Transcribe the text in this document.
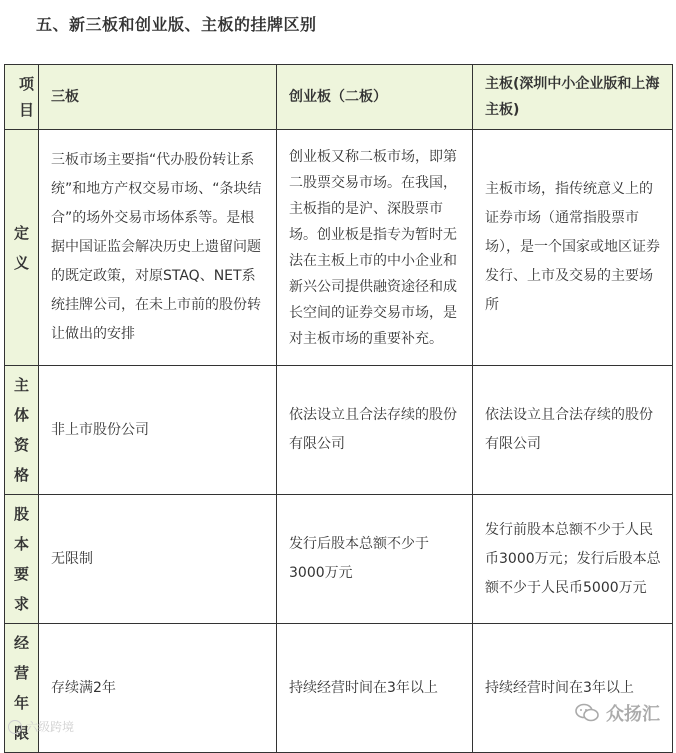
五、新三板和创业版、主板的挂牌区别
项目	三板	创业板（二板）	主板(深圳中小企业版和上海主板)

定义	三板市场主要指“代办股份转让系统”和地方产权交易市场、“条块结合”的场外交易市场体系等。是根据中国证监会解决历史上遗留问题的既定政策，对原STAQ、NET系统挂牌公司，在未上市前的股份转让做出的安排	创业板又称二板市场，即第二股票交易市场。在我国，主板指的是沪、深股票市场。创业板是指专为暂时无法在主板上市的中小企业和新兴公司提供融资途径和成长空间的证券交易市场，是对主板市场的重要补充。	主板市场，指传统意义上的证券市场（通常指股票市场），是一个国家或地区证券发行、上市及交易的主要场所

主体资格	非上市股份公司	依法设立且合法存续的股份有限公司	依法设立且合法存续的股份有限公司

股本要求	无限制	发行后股本总额不少于3000万元	发行前股本总额不少于人民币3000万元；发行后股本总额不少于人民币5000万元

经营年限	存续满2年	持续经营时间在3年以上	持续经营时间在3年以上
六级跨境
众扬汇
